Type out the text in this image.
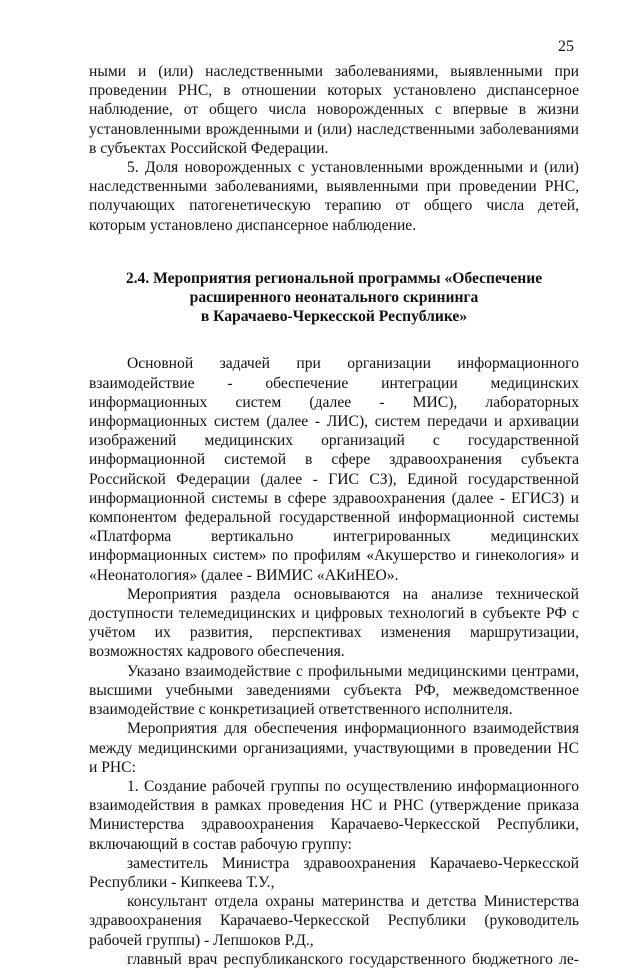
25

ными и (или) наследственными заболеваниями, выявленными при проведении РНС, в отношении которых установлено диспансерное наблюдение, от общего числа новорожденных с впервые в жизни установленными врожденными и (или) наследственными заболеваниями в субъектах Российской Федерации.

5. Доля новорожденных с установленными врожденными и (или) наследственными заболеваниями, выявленными при проведении РНС, получающих патогенетическую терапию от общего числа детей, которым установлено диспансерное наблюдение.

2.4. Мероприятия региональной программы «Обеспечение
расширенного неонатального скрининга
в Карачаево-Черкесской Республике»

Основной задачей при организации информационного взаимодействие - обеспечение интеграции медицинских информационных систем (далее - МИС), лабораторных информационных систем (далее - ЛИС), систем передачи и архивации изображений медицинских организаций с государственной информационной системой в сфере здравоохранения субъекта Российской Федерации (далее - ГИС СЗ), Единой государственной информационной системы в сфере здравоохранения (далее - ЕГИСЗ) и компонентом федеральной государственной информационной системы «Платформа вертикально интегрированных медицинских информационных систем» по профилям «Акушерство и гинекология» и «Неонатология» (далее - ВИМИС «АКиНЕО».

Мероприятия раздела основываются на анализе технической доступности телемедицинских и цифровых технологий в субъекте РФ с учётом их развития, перспективах изменения маршрутизации, возможностях кадрового обеспечения.

Указано взаимодействие с профильными медицинскими центрами, высшими учебными заведениями субъекта РФ, межведомственное взаимодействие с конкретизацией ответственного исполнителя.

Мероприятия для обеспечения информационного взаимодействия между медицинскими организациями, участвующими в проведении НС и РНС:

1. Создание рабочей группы по осуществлению информационного взаимодействия в рамках проведения НС и РНС (утверждение приказа Министерства здравоохранения Карачаево-Черкесской Республики, включающий в состав рабочую группу:

заместитель Министра здравоохранения Карачаево-Черкесской Республики - Кипкеева Т.У.,

консультант отдела охраны материнства и детства Министерства здравоохранения Карачаево-Черкесской Республики (руководитель рабочей группы) - Лепшоков Р.Д.,

главный врач республиканского государственного бюджетного ле-
